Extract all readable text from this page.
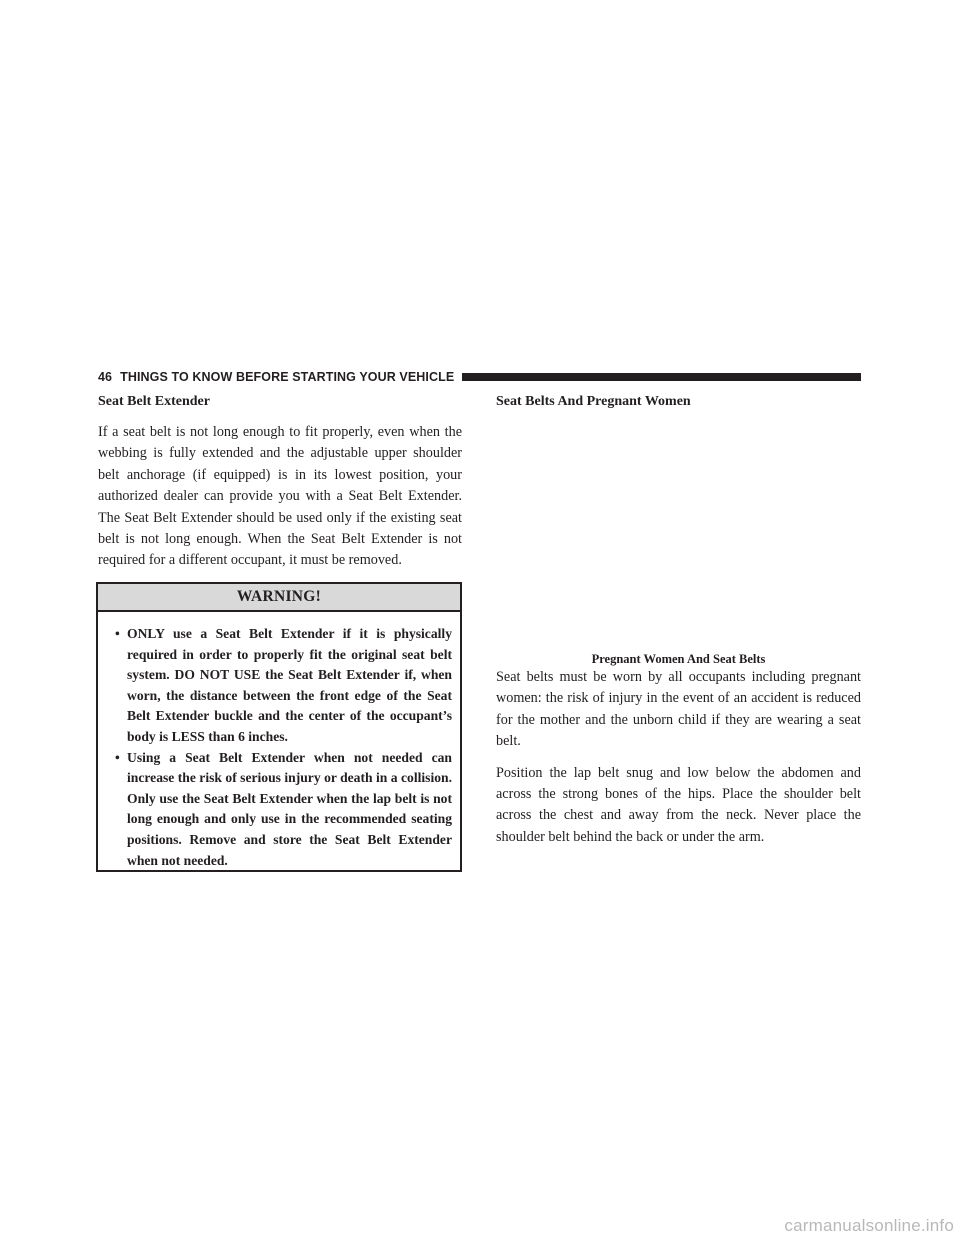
46 THINGS TO KNOW BEFORE STARTING YOUR VEHICLE
Seat Belt Extender

If a seat belt is not long enough to fit properly, even when the webbing is fully extended and the adjustable upper shoulder belt anchorage (if equipped) is in its lowest position, your authorized dealer can provide you with a Seat Belt Extender. The Seat Belt Extender should be used only if the existing seat belt is not long enough. When the Seat Belt Extender is not required for a different occupant, it must be removed.

WARNING!
• ONLY use a Seat Belt Extender if it is physically required in order to properly fit the original seat belt system. DO NOT USE the Seat Belt Extender if, when worn, the distance between the front edge of the Seat Belt Extender buckle and the center of the occupant’s body is LESS than 6 inches.
• Using a Seat Belt Extender when not needed can increase the risk of serious injury or death in a collision. Only use the Seat Belt Extender when the lap belt is not long enough and only use in the recommended seating positions. Remove and store the Seat Belt Extender when not needed.
Seat Belts And Pregnant Women
Pregnant Women And Seat Belts

Seat belts must be worn by all occupants including pregnant women: the risk of injury in the event of an accident is reduced for the mother and the unborn child if they are wearing a seat belt.

Position the lap belt snug and low below the abdomen and across the strong bones of the hips. Place the shoulder belt across the chest and away from the neck. Never place the shoulder belt behind the back or under the arm.

carmanualsonline.info
